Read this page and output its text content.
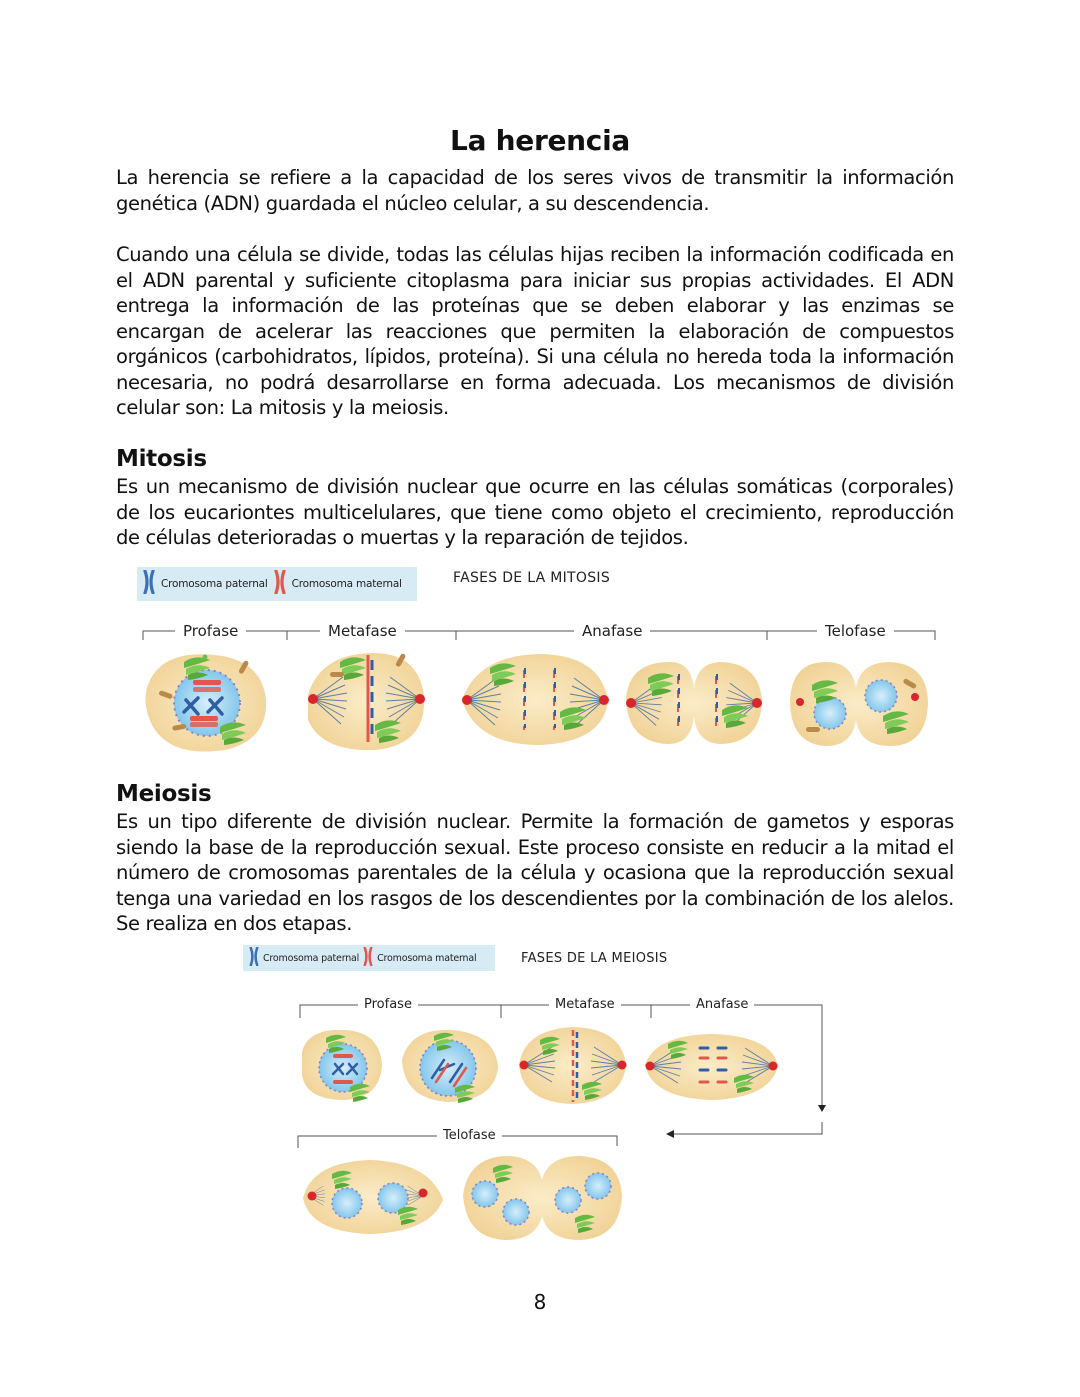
La herencia

La herencia se refiere a la capacidad de los seres vivos de transmitir la información genética (ADN) guardada el núcleo celular, a su descendencia.

Cuando una célula se divide, todas las células hijas reciben la información codificada en el ADN parental y suficiente citoplasma para iniciar sus propias actividades. El ADN entrega la información de las proteínas que se deben elaborar y las enzimas se encargan de acelerar las reacciones que permiten la elaboración de compuestos orgánicos (carbohidratos, lípidos, proteína). Si una célula no hereda toda la información necesaria, no podrá desarrollarse en forma adecuada. Los mecanismos de división celular son: La mitosis y la meiosis.

Mitosis

Es un mecanismo de división nuclear que ocurre en las células somáticas (corporales) de los eucariontes multicelulares, que tiene como objeto el crecimiento, reproducción de células deterioradas o muertas y la reparación de tejidos.

Cromosoma paternal Cromosoma maternal	FASES DE LA MITOSIS
Profase	Metafase	Anafase	Telofase
Meiosis

Es un tipo diferente de división nuclear. Permite la formación de gametos y esporas siendo la base de la reproducción sexual. Este proceso consiste en reducir a la mitad el número de cromosomas parentales de la célula y ocasiona que la reproducción sexual tenga una variedad en los rasgos de los descendientes por la combinación de los alelos. Se realiza en dos etapas.

Cromosoma paternal Cromosoma maternal	FASES DE LA MEIOSIS
Profase	Metafase	Anafase
Telofase
8
